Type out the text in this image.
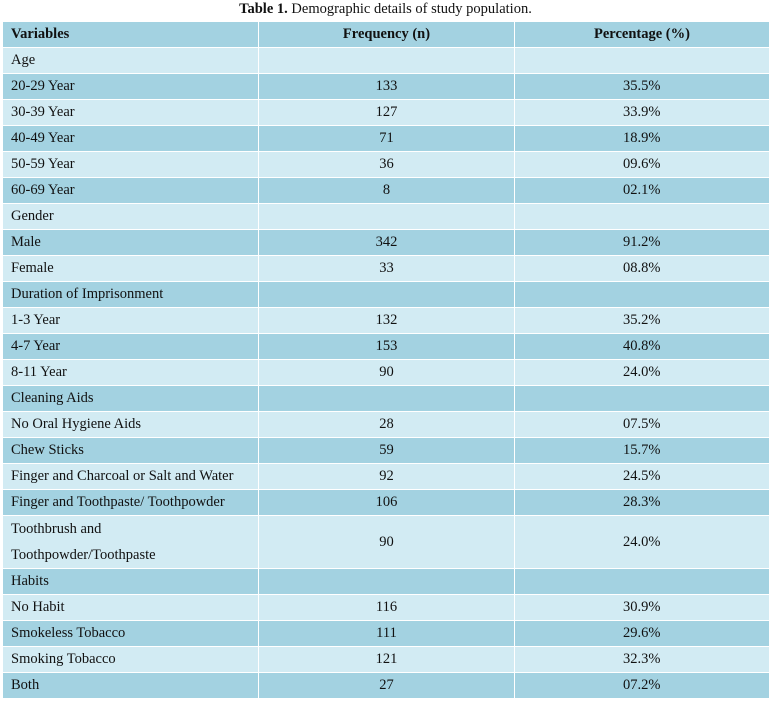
Table 1. Demographic details of study population.
Variables	Frequency (n)	Percentage (%)
Age		
20-29 Year	133	35.5%
30-39 Year	127	33.9%
40-49 Year	71	18.9%
50-59 Year	36	09.6%
60-69 Year	8	02.1%
Gender		
Male	342	91.2%
Female	33	08.8%
Duration of Imprisonment		
1-3 Year	132	35.2%
4-7 Year	153	40.8%
8-11 Year	90	24.0%
Cleaning Aids		
No Oral Hygiene Aids	28	07.5%
Chew Sticks	59	15.7%
Finger and Charcoal or Salt and Water	92	24.5%
Finger and Toothpaste/ Toothpowder	106	28.3%
Toothbrush and
Toothpowder/Toothpaste	90	24.0%
Habits		
No Habit	116	30.9%
Smokeless Tobacco	111	29.6%
Smoking Tobacco	121	32.3%
Both	27	07.2%
